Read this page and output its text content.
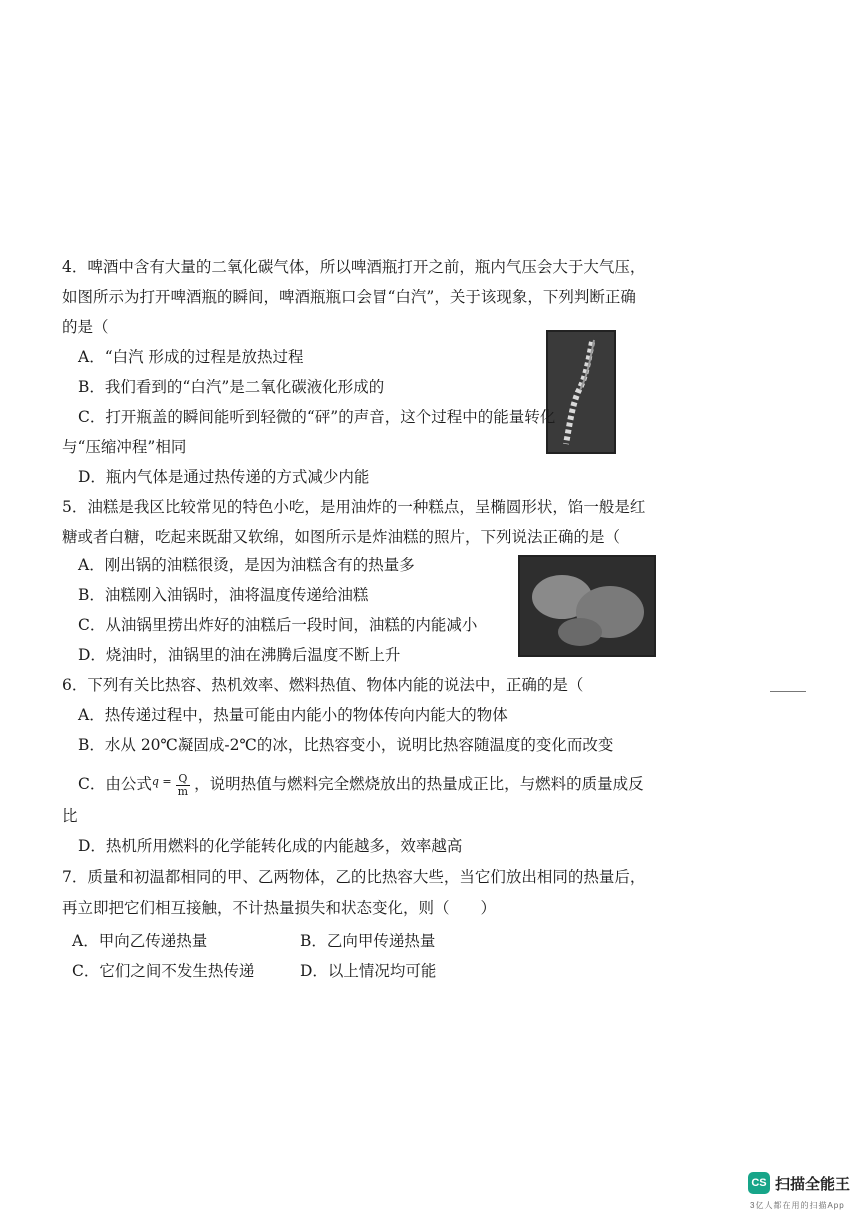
4．啤酒中含有大量的二氧化碳气体，所以啤酒瓶打开之前，瓶内气压会大于大气压，
如图所示为打开啤酒瓶的瞬间，啤酒瓶瓶口会冒“白汽”，关于该现象，下列判断正确
的是（
A．“白汽 形成的过程是放热过程
B．我们看到的“白汽”是二氧化碳液化形成的
C．打开瓶盖的瞬间能听到轻微的“砰”的声音，这个过程中的能量转化
与“压缩冲程”相同
D．瓶内气体是通过热传递的方式减少内能
5．油糕是我区比较常见的特色小吃，是用油炸的一种糕点，呈椭圆形状，馅一般是红
糖或者白糖，吃起来既甜又软绵，如图所示是炸油糕的照片，下列说法正确的是（
A．刚出锅的油糕很烫，是因为油糕含有的热量多
B．油糕刚入油锅时，油将温度传递给油糕
C．从油锅里捞出炸好的油糕后一段时间，油糕的内能减小
D．烧油时，油锅里的油在沸腾后温度不断上升
6．下列有关比热容、热机效率、燃料热值、物体内能的说法中，正确的是（
A．热传递过程中，热量可能由内能小的物体传向内能大的物体
B．水从 20℃凝固成-2℃的冰，比热容变小，说明比热容随温度的变化而改变
C．由公式$^{q =} \frac{Q}{m}$ ，说明热值与燃料完全燃烧放出的热量成正比，与燃料的质量成反
比
D．热机所用燃料的化学能转化成的内能越多，效率越高
7．质量和初温都相同的甲、乙两物体，乙的比热容大些，当它们放出相同的热量后，
再立即把它们相互接触，不计热量损失和状态变化，则（　　）
A．甲向乙传递热量	B．乙向甲传递热量
C．它们之间不发生热传递	D．以上情况均可能
CS 扫描全能王
3亿人都在用的扫描App
